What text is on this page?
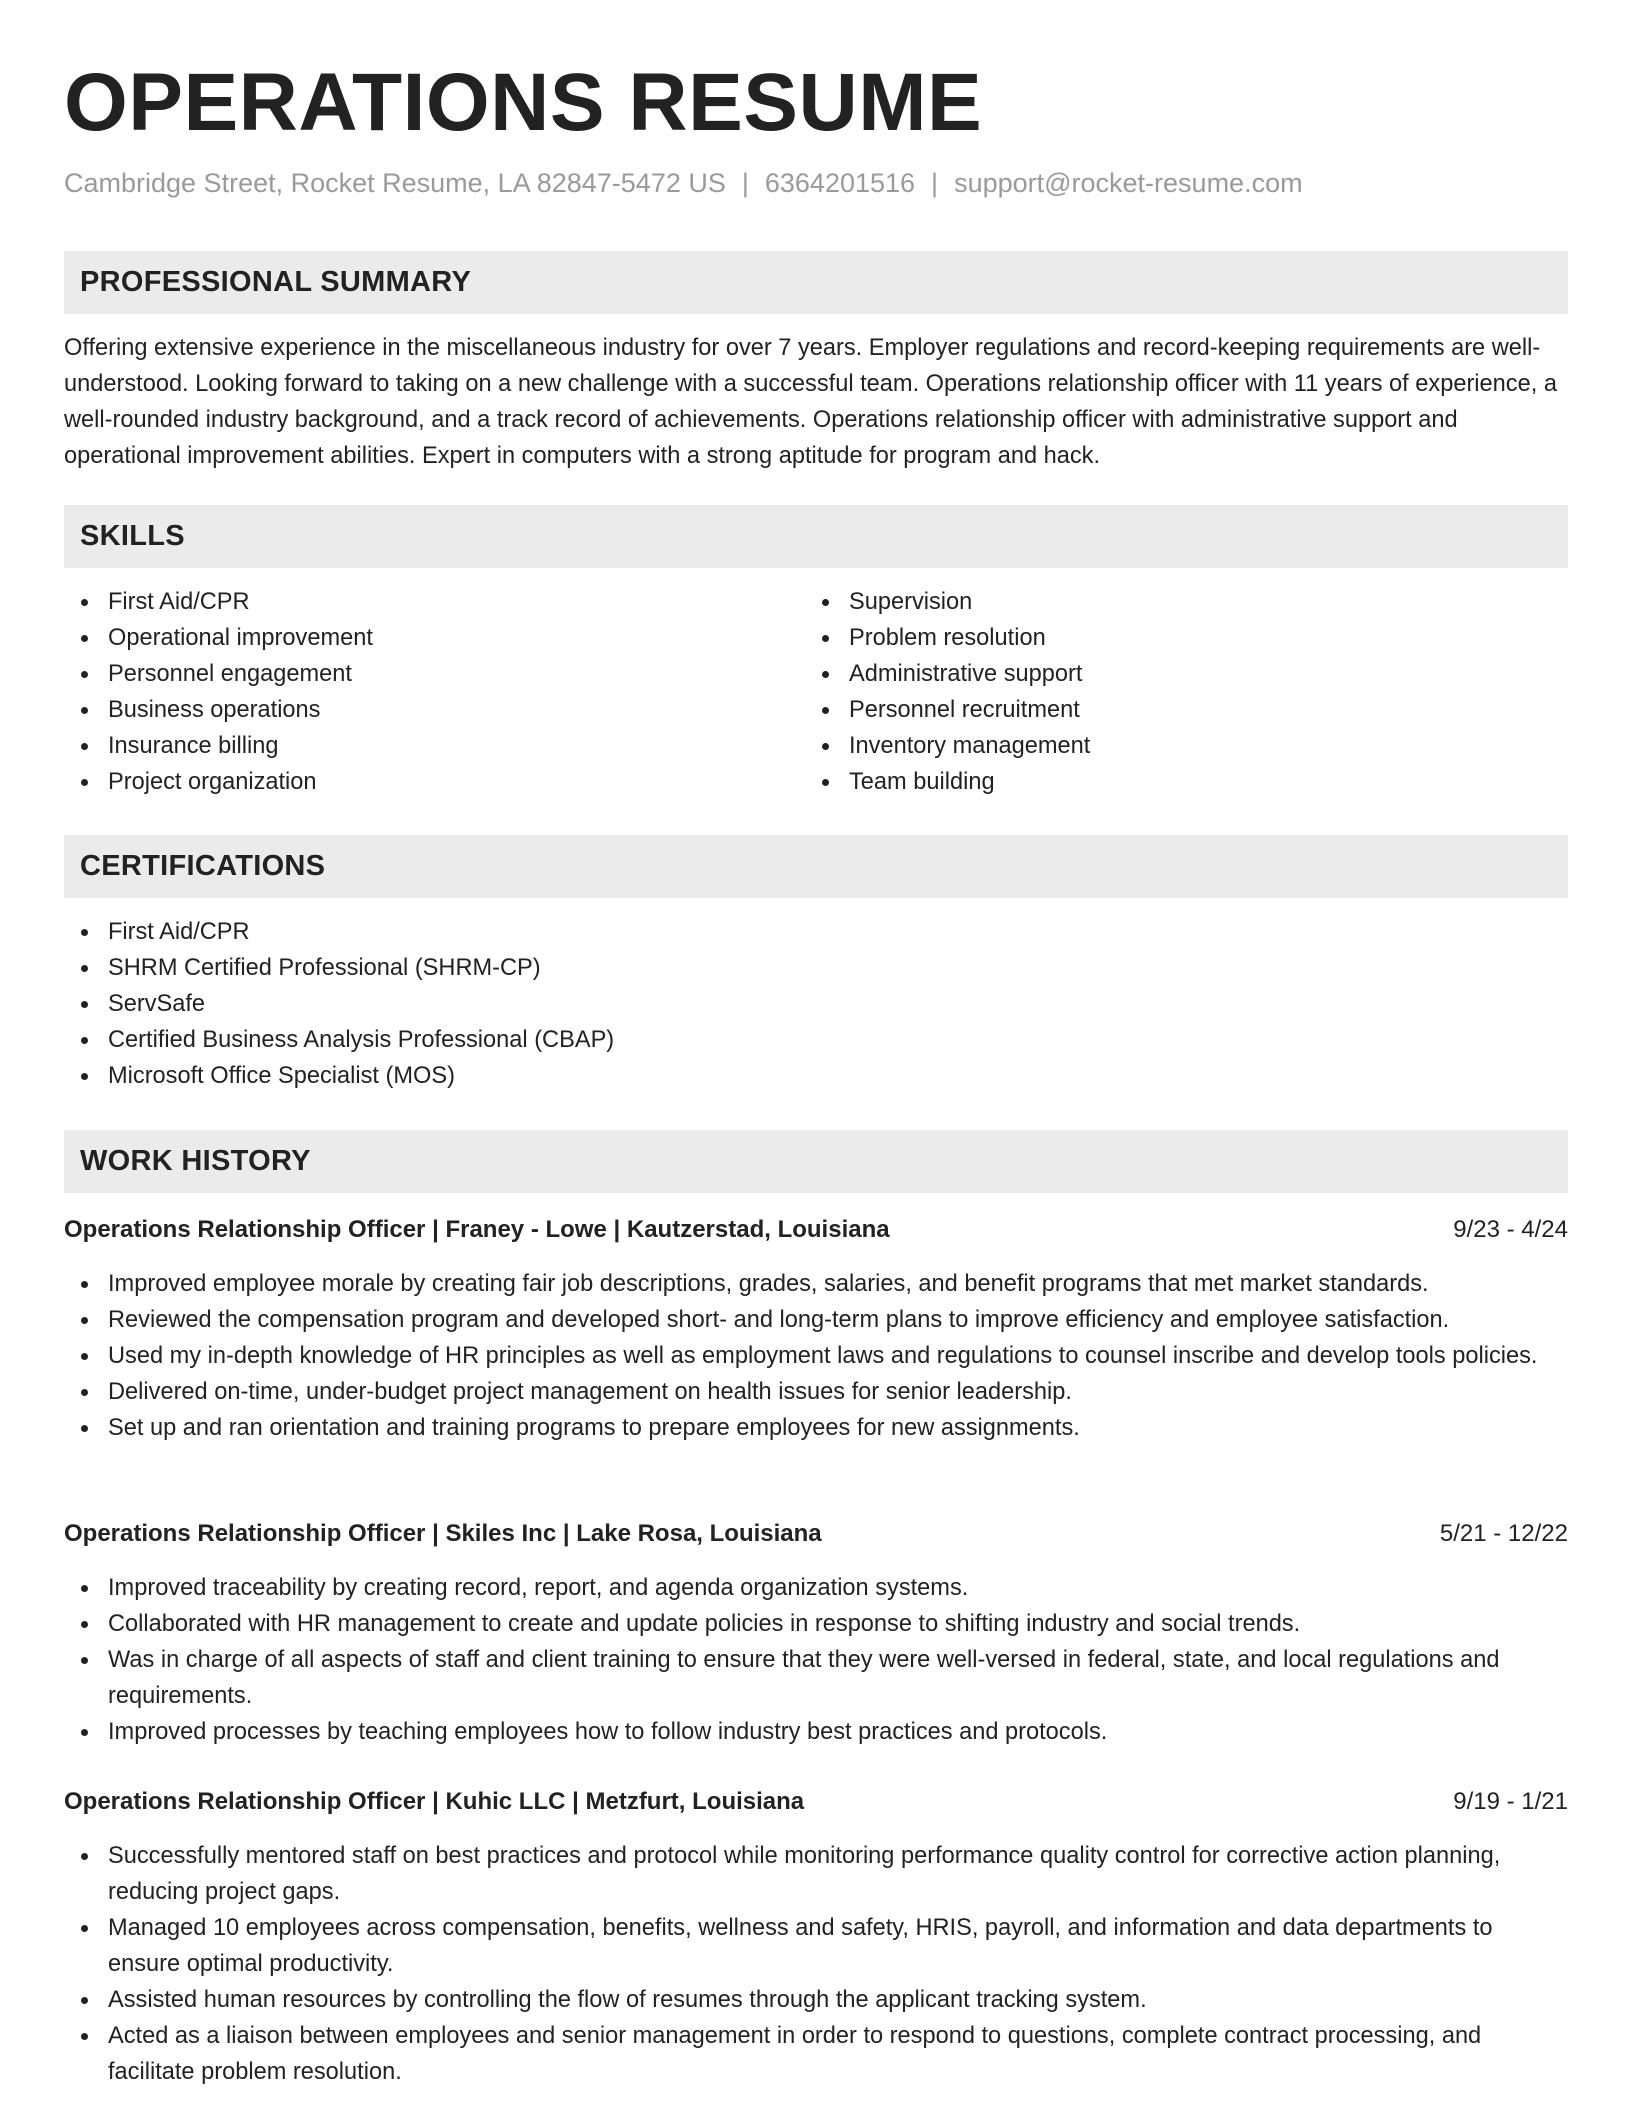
OPERATIONS RESUME
Cambridge Street, Rocket Resume, LA 82847-5472 US | 6364201516 | support@rocket-resume.com
PROFESSIONAL SUMMARY

Offering extensive experience in the miscellaneous industry for over 7 years. Employer regulations and record-keeping requirements are well-understood. Looking forward to taking on a new challenge with a successful team. Operations relationship officer with 11 years of experience, a well-rounded industry background, and a track record of achievements. Operations relationship officer with administrative support and operational improvement abilities. Expert in computers with a strong aptitude for program and hack.

SKILLS
First Aid/CPR
Operational improvement
Personnel engagement
Business operations
Insurance billing
Project organization
Supervision
Problem resolution
Administrative support
Personnel recruitment
Inventory management
Team building
CERTIFICATIONS
First Aid/CPR
SHRM Certified Professional (SHRM-CP)
ServSafe
Certified Business Analysis Professional (CBAP)
Microsoft Office Specialist (MOS)
WORK HISTORY
Operations Relationship Officer | Franey - Lowe | Kautzerstad, Louisiana	9/23 - 4/24
Improved employee morale by creating fair job descriptions, grades, salaries, and benefit programs that met market standards.
Reviewed the compensation program and developed short- and long-term plans to improve efficiency and employee satisfaction.
Used my in-depth knowledge of HR principles as well as employment laws and regulations to counsel inscribe and develop tools policies.
Delivered on-time, under-budget project management on health issues for senior leadership.
Set up and ran orientation and training programs to prepare employees for new assignments.
Operations Relationship Officer | Skiles Inc | Lake Rosa, Louisiana	5/21 - 12/22
Improved traceability by creating record, report, and agenda organization systems.
Collaborated with HR management to create and update policies in response to shifting industry and social trends.
Was in charge of all aspects of staff and client training to ensure that they were well-versed in federal, state, and local regulations and requirements.
Improved processes by teaching employees how to follow industry best practices and protocols.
Operations Relationship Officer | Kuhic LLC | Metzfurt, Louisiana	9/19 - 1/21
Successfully mentored staff on best practices and protocol while monitoring performance quality control for corrective action planning, reducing project gaps.
Managed 10 employees across compensation, benefits, wellness and safety, HRIS, payroll, and information and data departments to ensure optimal productivity.
Assisted human resources by controlling the flow of resumes through the applicant tracking system.
Acted as a liaison between employees and senior management in order to respond to questions, complete contract processing, and facilitate problem resolution.
